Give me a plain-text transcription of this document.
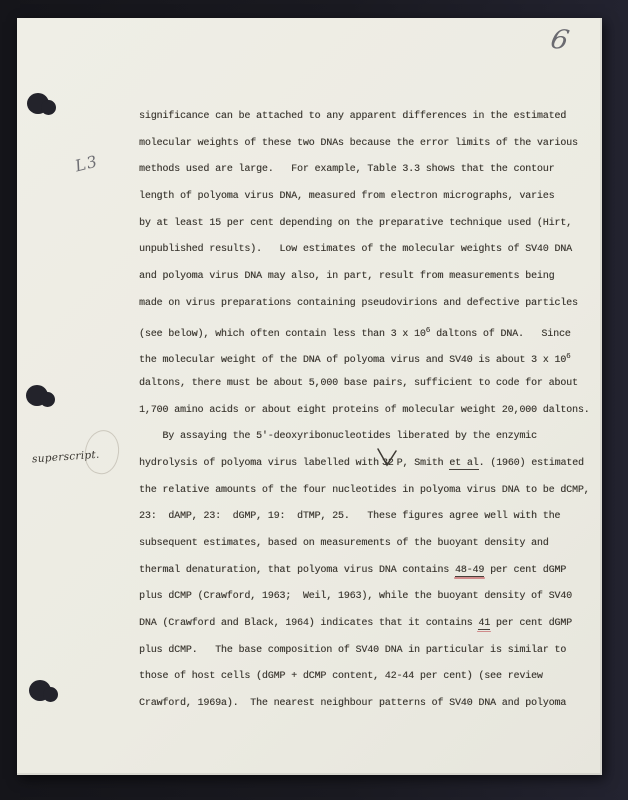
6
L3
superscript.
significance can be attached to any apparent differences in the estimated
molecular weights of these two DNAs because the error limits of the various
methods used are large.   For example, Table 3.3 shows that the contour
length of polyoma virus DNA, measured from electron micrographs, varies
by at least 15 per cent depending on the preparative technique used (Hirt,
unpublished results).   Low estimates of the molecular weights of SV40 DNA
and polyoma virus DNA may also, in part, result from measurements being
made on virus preparations containing pseudovirions and defective particles
(see below), which often contain less than 3 x $10^6$ daltons of DNA.   Since
the molecular weight of the DNA of polyoma virus and SV40 is about 3 x $10^6$
daltons, there must be about 5,000 base pairs, sufficient to code for about
1,700 amino acids or about eight proteins of molecular weight 20,000 daltons.
By assaying the 5'-deoxyribonucleotides liberated by the enzymic
hydrolysis of polyoma virus labelled with 32 P, Smith et al. (1960) estimated
the relative amounts of the four nucleotides in polyoma virus DNA to be dCMP,
23:  dAMP, 23:  dGMP, 19:  dTMP, 25.   These figures agree well with the
subsequent estimates, based on measurements of the buoyant density and
thermal denaturation, that polyoma virus DNA contains 48-49 per cent dGMP
plus dCMP (Crawford, 1963;  Weil, 1963), while the buoyant density of SV40
DNA (Crawford and Black, 1964) indicates that it contains 41 per cent dGMP
plus dCMP.   The base composition of SV40 DNA in particular is similar to
those of host cells (dGMP + dCMP content, 42-44 per cent) (see review
Crawford, 1969a).  The nearest neighbour patterns of SV40 DNA and polyoma
